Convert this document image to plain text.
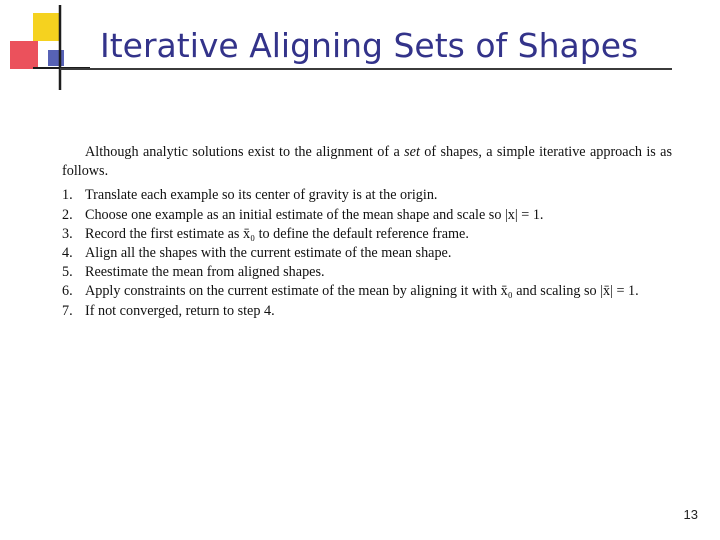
Iterative Aligning Sets of Shapes

Although analytic solutions exist to the alignment of a set of shapes, a simple iterative approach is as follows.

1. Translate each example so its center of gravity is at the origin.
2. Choose one example as an initial estimate of the mean shape and scale so |x| = 1.
3. Record the first estimate as x̄₀ to define the default reference frame.
4. Align all the shapes with the current estimate of the mean shape.
5. Reestimate the mean from aligned shapes.
6. Apply constraints on the current estimate of the mean by aligning it with x̄₀ and scaling so |x̄| = 1.
7. If not converged, return to step 4.
13
